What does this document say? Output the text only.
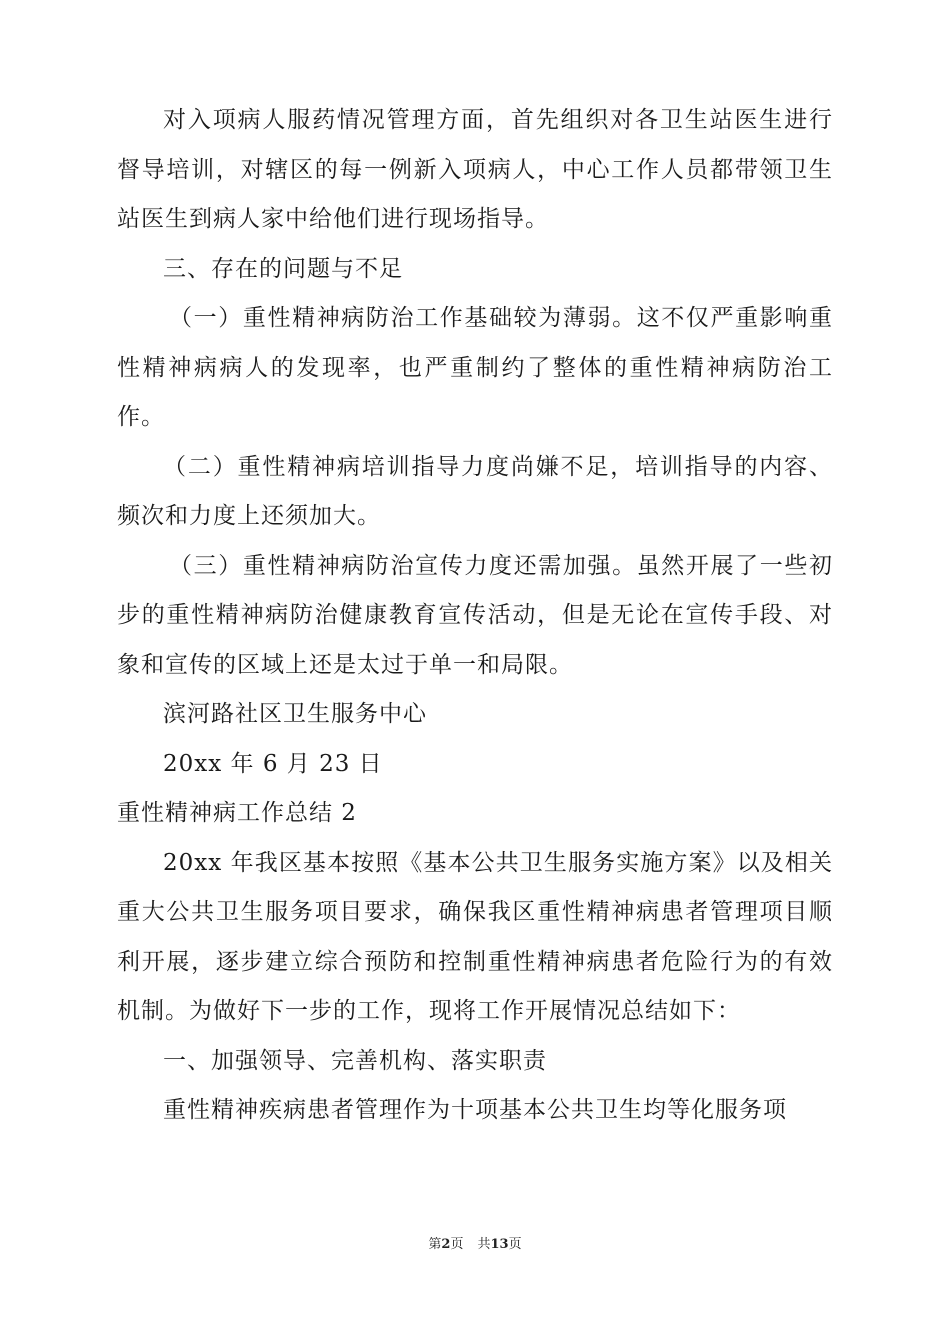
对入项病人服药情况管理方面，首先组织对各卫生站医生进行督导培训，对辖区的每一例新入项病人，中心工作人员都带领卫生站医生到病人家中给他们进行现场指导。

三、存在的问题与不足

（一）重性精神病防治工作基础较为薄弱。这不仅严重影响重性精神病病人的发现率，也严重制约了整体的重性精神病防治工作。

（二）重性精神病培训指导力度尚嫌不足，培训指导的内容、频次和力度上还须加大。

（三）重性精神病防治宣传力度还需加强。虽然开展了一些初步的重性精神病防治健康教育宣传活动，但是无论在宣传手段、对象和宣传的区域上还是太过于单一和局限。

滨河路社区卫生服务中心

20xx 年 6 月 23 日

重性精神病工作总结 2

20xx 年我区基本按照《基本公共卫生服务实施方案》以及相关重大公共卫生服务项目要求，确保我区重性精神病患者管理项目顺利开展，逐步建立综合预防和控制重性精神病患者危险行为的有效机制。为做好下一步的工作，现将工作开展情况总结如下：

一、加强领导、完善机构、落实职责

重性精神疾病患者管理作为十项基本公共卫生均等化服务项

第2页 共13页
